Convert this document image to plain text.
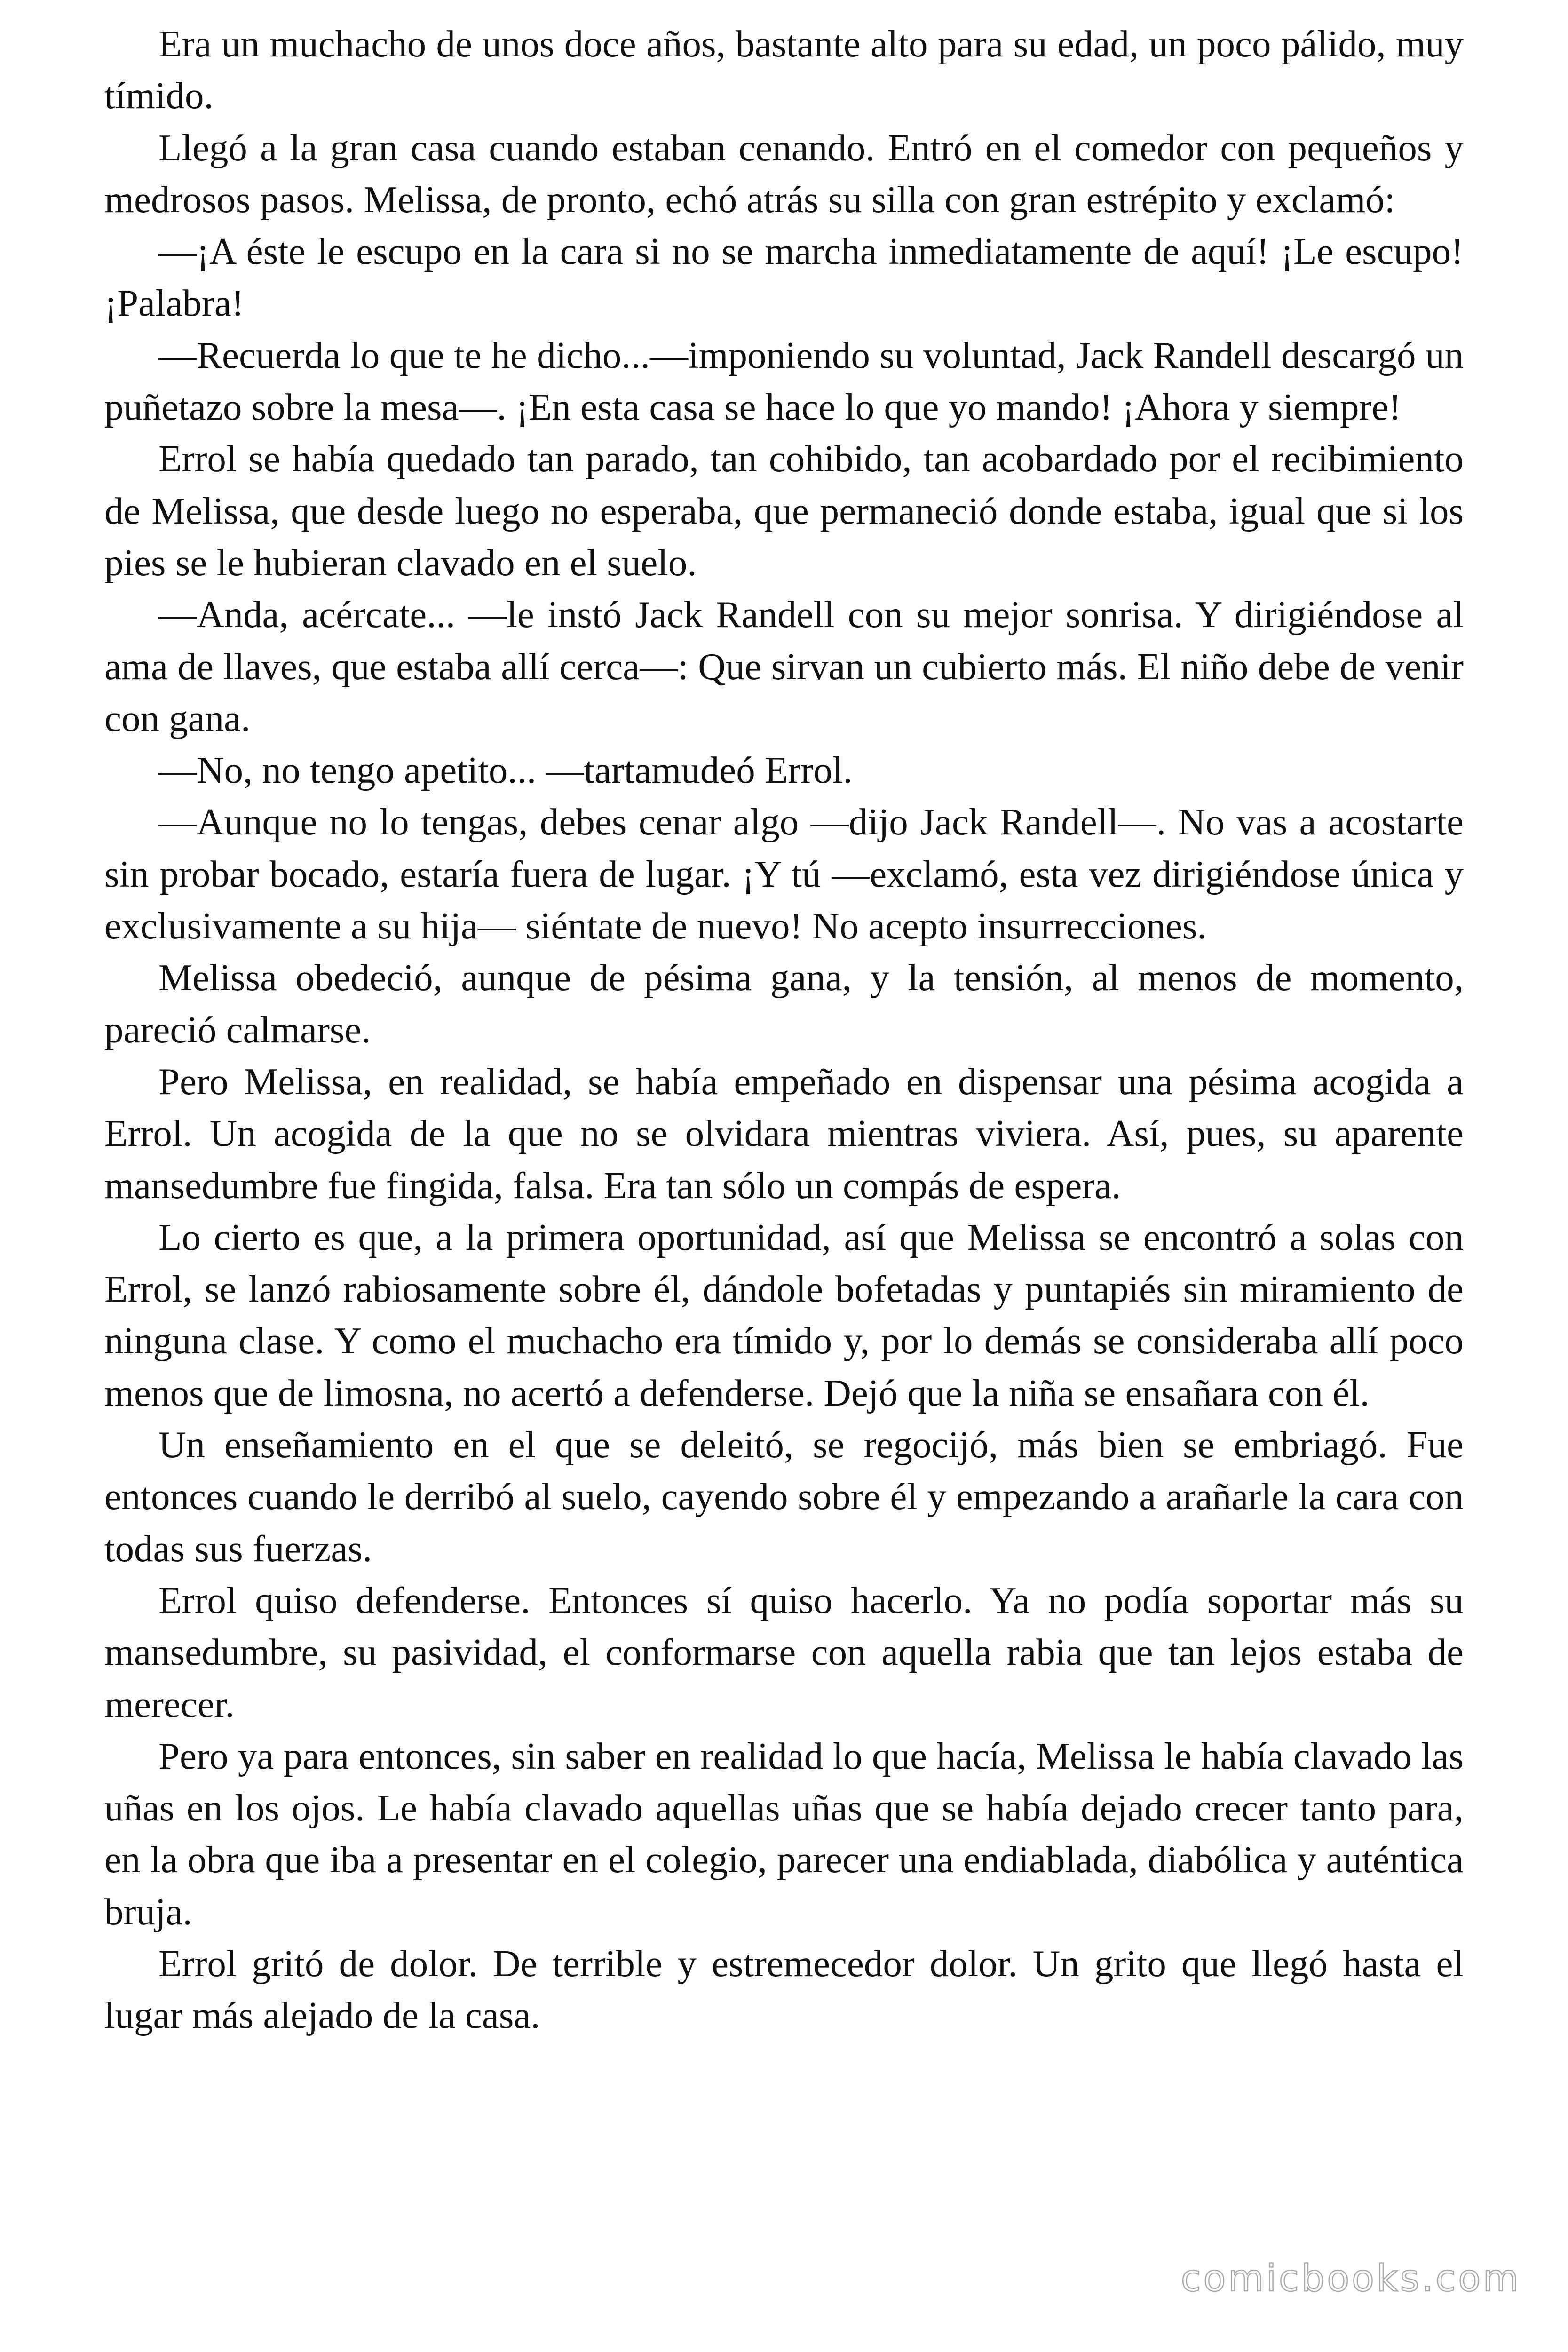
Era un muchacho de unos doce años, bastante alto para su edad, un poco pálido, muy tímido.

Llegó a la gran casa cuando estaban cenando. Entró en el comedor con pequeños y medrosos pasos. Melissa, de pronto, echó atrás su silla con gran estrépito y exclamó:

—¡A éste le escupo en la cara si no se marcha inmediatamente de aquí! ¡Le escupo! ¡Palabra!

—Recuerda lo que te he dicho...—imponiendo su voluntad, Jack Randell descargó un puñetazo sobre la mesa—. ¡En esta casa se hace lo que yo mando! ¡Ahora y siempre!

Errol se había quedado tan parado, tan cohibido, tan acobardado por el recibimiento de Melissa, que desde luego no esperaba, que permaneció donde estaba, igual que si los pies se le hubieran clavado en el suelo.

—Anda, acércate... —le instó Jack Randell con su mejor sonrisa. Y dirigiéndose al ama de llaves, que estaba allí cerca—: Que sirvan un cubierto más. El niño debe de venir con gana.

—No, no tengo apetito... —tartamudeó Errol.

—Aunque no lo tengas, debes cenar algo —dijo Jack Randell—. No vas a acostarte sin probar bocado, estaría fuera de lugar. ¡Y tú —exclamó, esta vez dirigiéndose única y exclusivamente a su hija— siéntate de nuevo! No acepto insurrecciones.

Melissa obedeció, aunque de pésima gana, y la tensión, al menos de momento, pareció calmarse.

Pero Melissa, en realidad, se había empeñado en dispensar una pésima acogida a Errol. Un acogida de la que no se olvidara mientras viviera. Así, pues, su aparente mansedumbre fue fingida, falsa. Era tan sólo un compás de espera.

Lo cierto es que, a la primera oportunidad, así que Melissa se encontró a solas con Errol, se lanzó rabiosamente sobre él, dándole bofetadas y puntapiés sin miramiento de ninguna clase. Y como el muchacho era tímido y, por lo demás se consideraba allí poco menos que de limosna, no acertó a defenderse. Dejó que la niña se ensañara con él.

Un enseñamiento en el que se deleitó, se regocijó, más bien se embriagó. Fue entonces cuando le derribó al suelo, cayendo sobre él y empezando a arañarle la cara con todas sus fuerzas.

Errol quiso defenderse. Entonces sí quiso hacerlo. Ya no podía soportar más su mansedumbre, su pasividad, el conformarse con aquella rabia que tan lejos estaba de merecer.

Pero ya para entonces, sin saber en realidad lo que hacía, Melissa le había clavado las uñas en los ojos. Le había clavado aquellas uñas que se había dejado crecer tanto para, en la obra que iba a presentar en el colegio, parecer una endiablada, diabólica y auténtica bruja.

Errol gritó de dolor. De terrible y estremecedor dolor. Un grito que llegó hasta el lugar más alejado de la casa.

comicbooks.com
